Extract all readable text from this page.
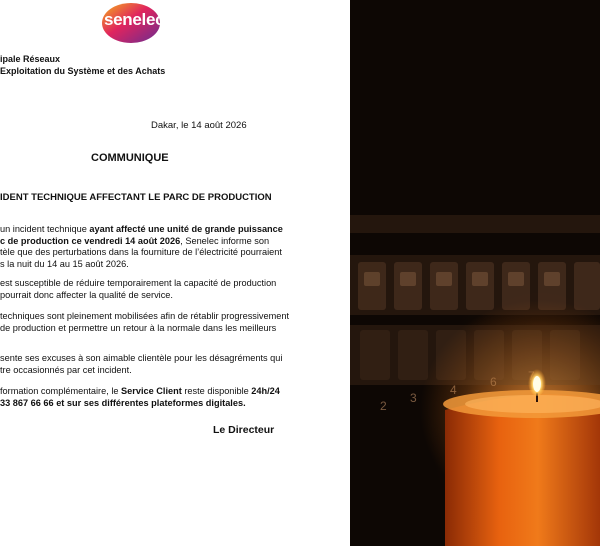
senelec
ipale Réseaux
Exploitation du Système et des Achats
Dakar, le 14 août 2026
COMMUNIQUE
IDENT TECHNIQUE AFFECTANT LE PARC DE PRODUCTION
un incident technique ayant affecté une unité de grande puissance
c de production ce vendredi 14 août 2026, Senelec informe son
tèle que des perturbations dans la fourniture de l’électricité pourraient
s la nuit du 14 au 15 août 2026.
est susceptible de réduire temporairement la capacité de production
pourrait donc affecter la qualité de service.
techniques sont pleinement mobilisées afin de rétablir progressivement
de production et permettre un retour à la normale dans les meilleurs
sente ses excuses à son aimable clientèle pour les désagréments qui
tre occasionnés par cet incident.
formation complémentaire, le Service Client reste disponible 24h/24
33 867 66 66 et sur ses différentes plateformes digitales.
Le Directeur
2
3
